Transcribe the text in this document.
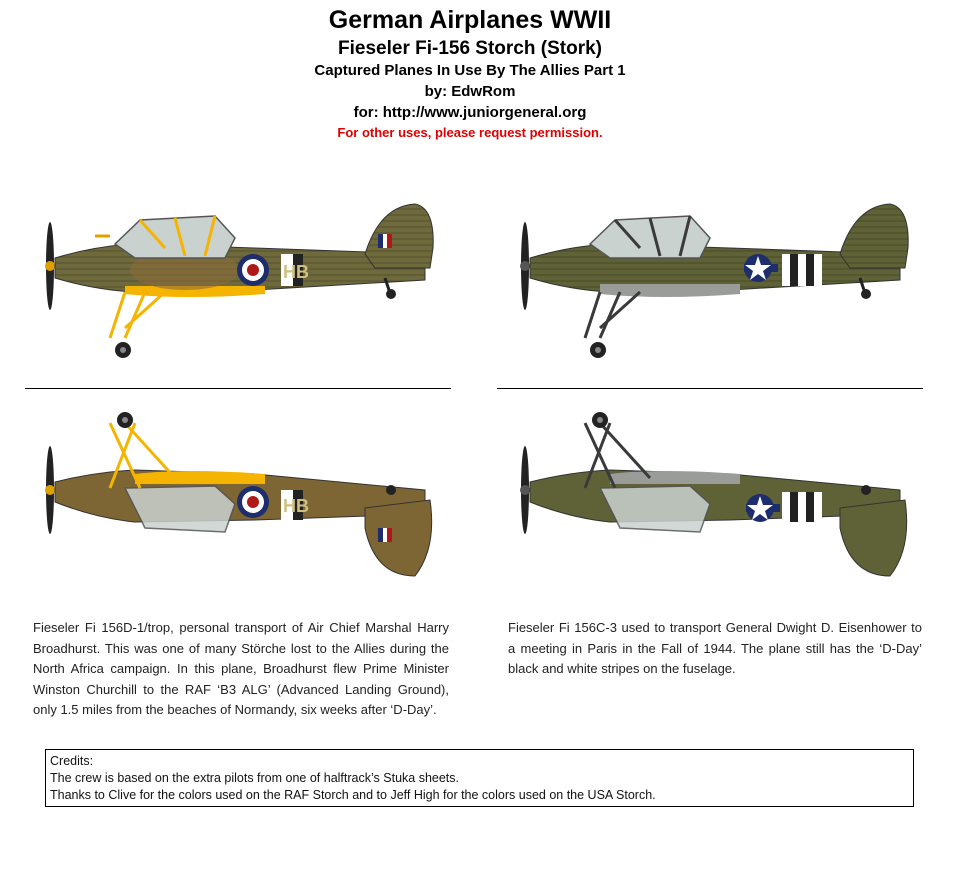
German Airplanes WWII
Fieseler Fi-156 Storch (Stork)
Captured Planes In Use By The Allies Part 1
by: EdwRom
for: http://www.juniorgeneral.org
For other uses, please request permission.
HB
HB
Fieseler Fi 156D-1/trop, personal transport of Air Chief Marshal Harry Broadhurst. This was one of many Störche lost to the Allies during the North Africa campaign. In this plane, Broadhurst flew Prime Minister Winston Churchill to the RAF ‘B3 ALG’ (Advanced Landing Ground), only 1.5 miles from the beaches of Normandy, six weeks after ‘D-Day’.
Fieseler Fi 156C-3 used to transport General Dwight D. Eisenhower to a meeting in Paris in the Fall of 1944. The plane still has the ‘D-Day’ black and white stripes on the fuselage.
Credits:
The crew is based on the extra pilots from one of halftrack’s Stuka sheets.
Thanks to Clive for the colors used on the RAF Storch and to Jeff High for the colors used on the USA Storch.
